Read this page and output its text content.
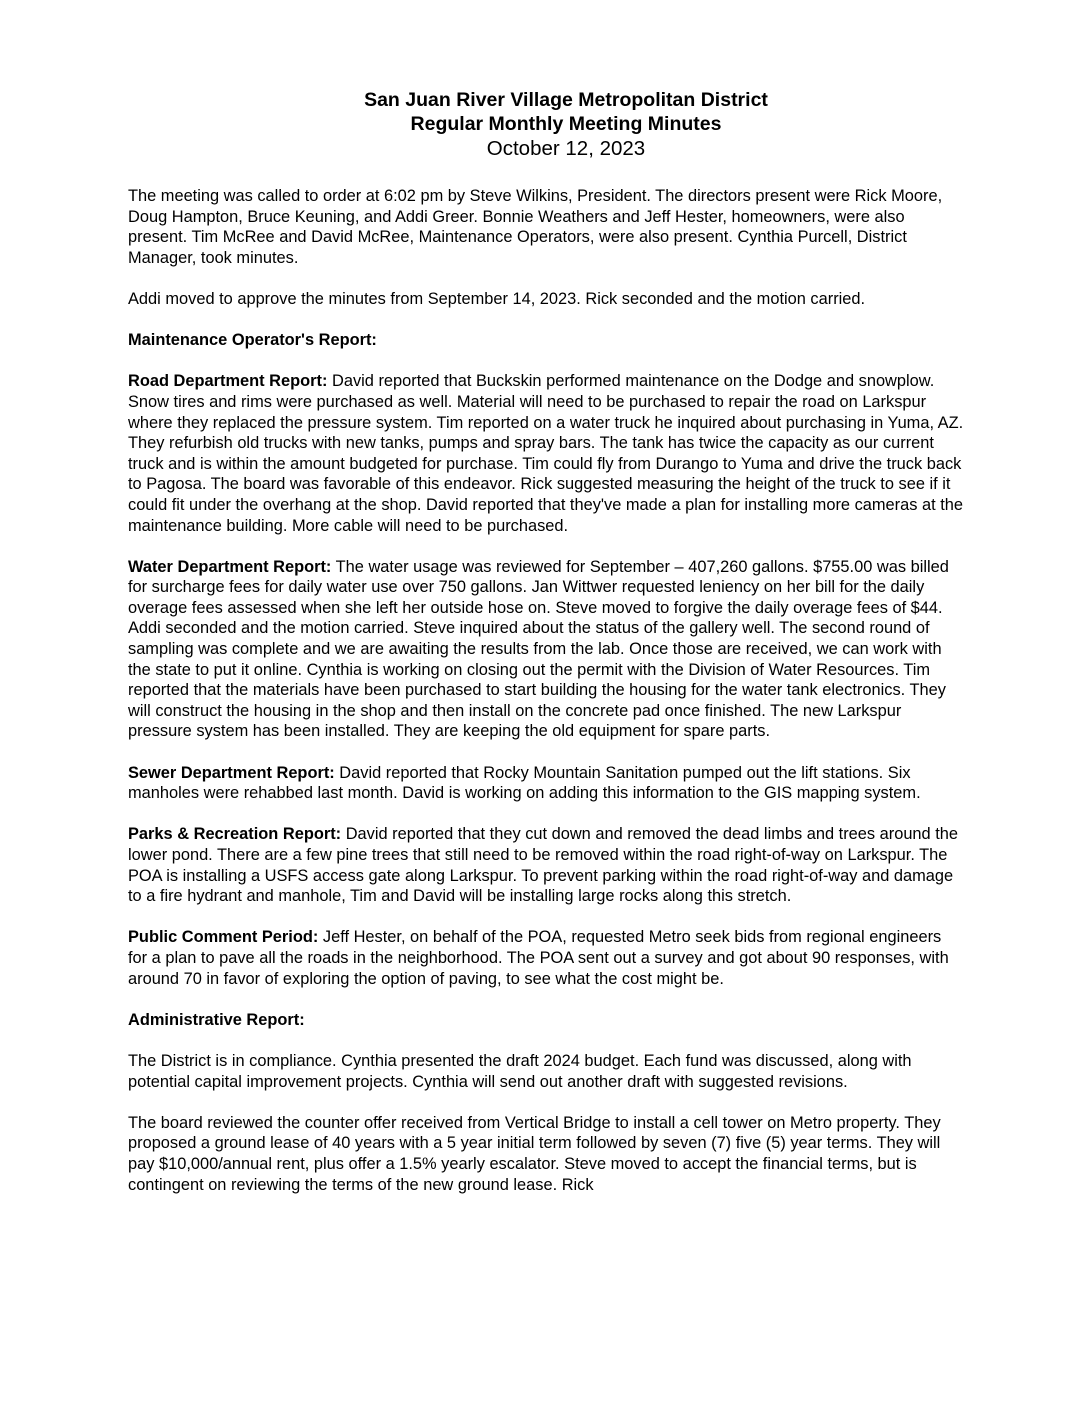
San Juan River Village Metropolitan District
Regular Monthly Meeting Minutes
October 12, 2023

The meeting was called to order at 6:02 pm by Steve Wilkins, President. The directors present were Rick Moore, Doug Hampton, Bruce Keuning, and Addi Greer. Bonnie Weathers and Jeff Hester, homeowners, were also present. Tim McRee and David McRee, Maintenance Operators, were also present. Cynthia Purcell, District Manager, took minutes.

Addi moved to approve the minutes from September 14, 2023. Rick seconded and the motion carried.

Maintenance Operator's Report:

Road Department Report: David reported that Buckskin performed maintenance on the Dodge and snowplow. Snow tires and rims were purchased as well. Material will need to be purchased to repair the road on Larkspur where they replaced the pressure system. Tim reported on a water truck he inquired about purchasing in Yuma, AZ. They refurbish old trucks with new tanks, pumps and spray bars. The tank has twice the capacity as our current truck and is within the amount budgeted for purchase. Tim could fly from Durango to Yuma and drive the truck back to Pagosa. The board was favorable of this endeavor. Rick suggested measuring the height of the truck to see if it could fit under the overhang at the shop. David reported that they've made a plan for installing more cameras at the maintenance building. More cable will need to be purchased.

Water Department Report: The water usage was reviewed for September – 407,260 gallons. $755.00 was billed for surcharge fees for daily water use over 750 gallons. Jan Wittwer requested leniency on her bill for the daily overage fees assessed when she left her outside hose on. Steve moved to forgive the daily overage fees of $44. Addi seconded and the motion carried. Steve inquired about the status of the gallery well. The second round of sampling was complete and we are awaiting the results from the lab. Once those are received, we can work with the state to put it online. Cynthia is working on closing out the permit with the Division of Water Resources. Tim reported that the materials have been purchased to start building the housing for the water tank electronics. They will construct the housing in the shop and then install on the concrete pad once finished. The new Larkspur pressure system has been installed. They are keeping the old equipment for spare parts.

Sewer Department Report: David reported that Rocky Mountain Sanitation pumped out the lift stations. Six manholes were rehabbed last month. David is working on adding this information to the GIS mapping system.

Parks & Recreation Report: David reported that they cut down and removed the dead limbs and trees around the lower pond. There are a few pine trees that still need to be removed within the road right-of-way on Larkspur. The POA is installing a USFS access gate along Larkspur. To prevent parking within the road right-of-way and damage to a fire hydrant and manhole, Tim and David will be installing large rocks along this stretch.

Public Comment Period: Jeff Hester, on behalf of the POA, requested Metro seek bids from regional engineers for a plan to pave all the roads in the neighborhood. The POA sent out a survey and got about 90 responses, with around 70 in favor of exploring the option of paving, to see what the cost might be.

Administrative Report:

The District is in compliance. Cynthia presented the draft 2024 budget. Each fund was discussed, along with potential capital improvement projects. Cynthia will send out another draft with suggested revisions.

The board reviewed the counter offer received from Vertical Bridge to install a cell tower on Metro property. They proposed a ground lease of 40 years with a 5 year initial term followed by seven (7) five (5) year terms. They will pay $10,000/annual rent, plus offer a 1.5% yearly escalator. Steve moved to accept the financial terms, but is contingent on reviewing the terms of the new ground lease. Rick
